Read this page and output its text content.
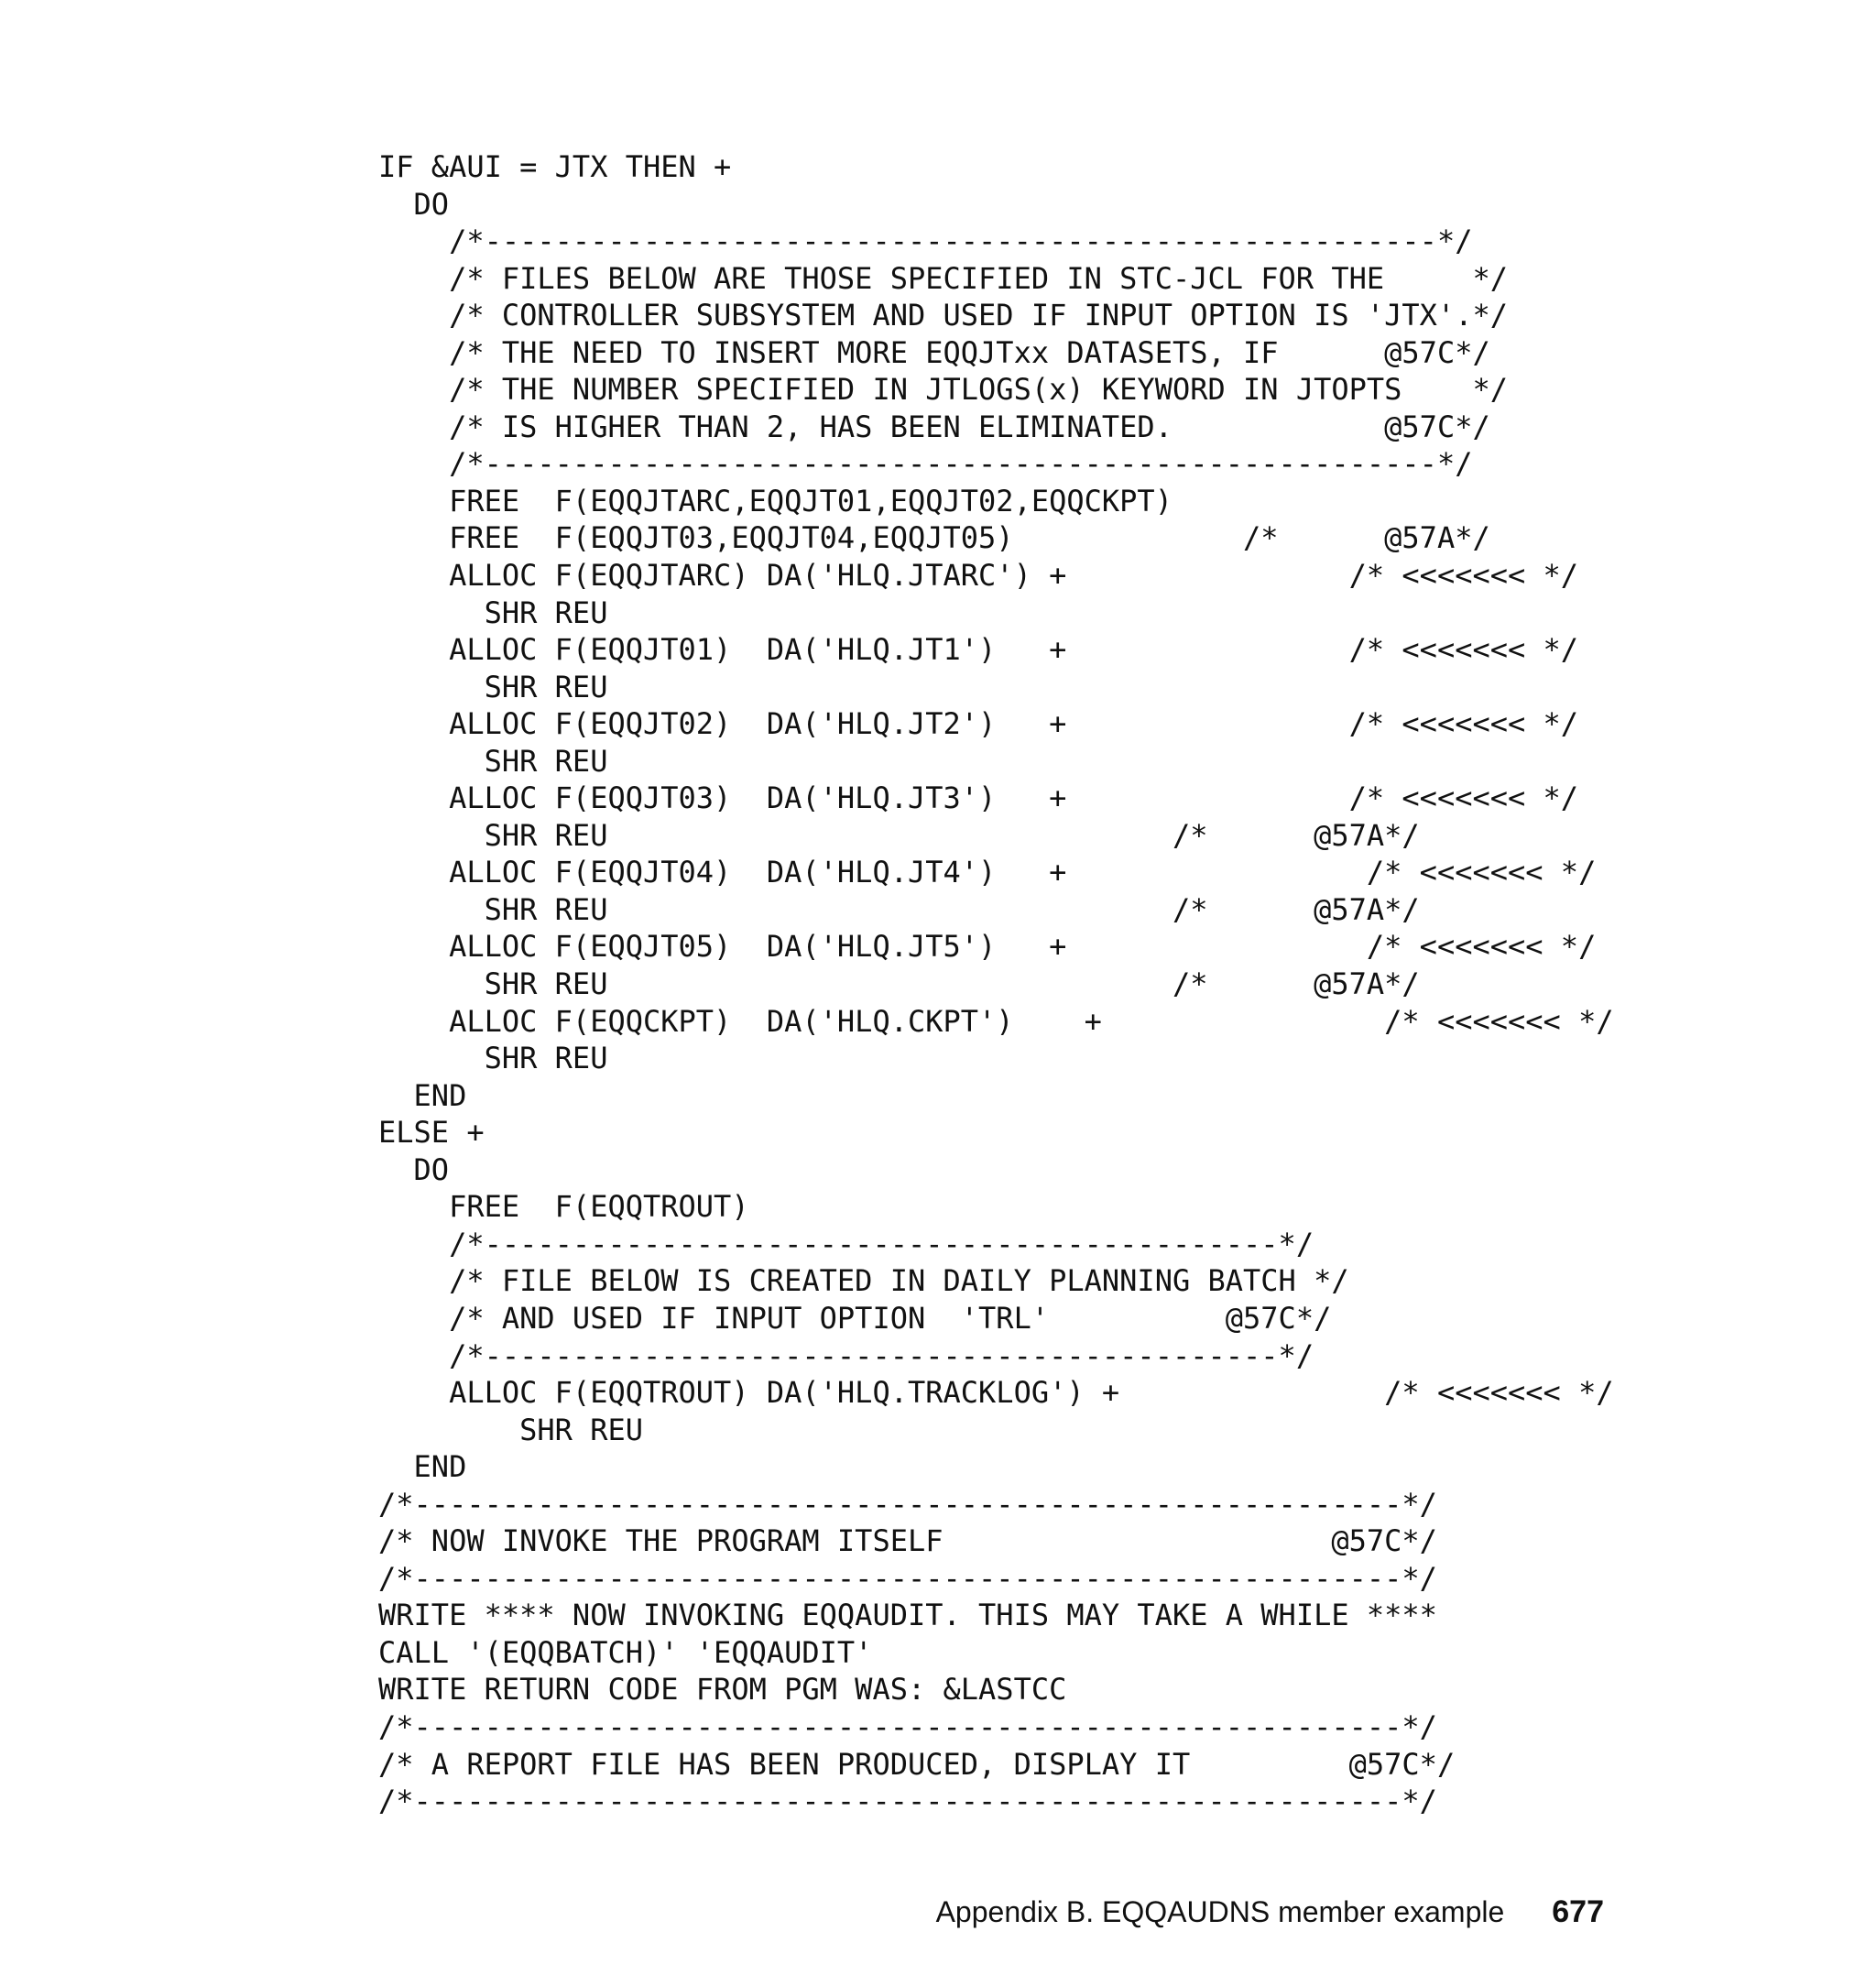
IF &AUI = JTX THEN +
DO
/*------------------------------------------------------*/
/* FILES BELOW ARE THOSE SPECIFIED IN STC-JCL FOR THE     */
/* CONTROLLER SUBSYSTEM AND USED IF INPUT OPTION IS 'JTX'.*/
/* THE NEED TO INSERT MORE EQQJTxx DATASETS, IF      @57C*/
/* THE NUMBER SPECIFIED IN JTLOGS(x) KEYWORD IN JTOPTS    */
/* IS HIGHER THAN 2, HAS BEEN ELIMINATED.            @57C*/
/*------------------------------------------------------*/
FREE  F(EQQJTARC,EQQJT01,EQQJT02,EQQCKPT)
FREE  F(EQQJT03,EQQJT04,EQQJT05)             /*      @57A*/
ALLOC F(EQQJTARC) DA('HLQ.JTARC') +                /* <<<<<<< */
SHR REU
ALLOC F(EQQJT01)  DA('HLQ.JT1')   +                /* <<<<<<< */
SHR REU
ALLOC F(EQQJT02)  DA('HLQ.JT2')   +                /* <<<<<<< */
SHR REU
ALLOC F(EQQJT03)  DA('HLQ.JT3')   +                /* <<<<<<< */
SHR REU                                /*      @57A*/
ALLOC F(EQQJT04)  DA('HLQ.JT4')   +                 /* <<<<<<< */
SHR REU                                /*      @57A*/
ALLOC F(EQQJT05)  DA('HLQ.JT5')   +                 /* <<<<<<< */
SHR REU                                /*      @57A*/
ALLOC F(EQQCKPT)  DA('HLQ.CKPT')    +                /* <<<<<<< */
SHR REU
END
ELSE +
DO
FREE  F(EQQTROUT)
/*---------------------------------------------*/
/* FILE BELOW IS CREATED IN DAILY PLANNING BATCH */
/* AND USED IF INPUT OPTION  'TRL'          @57C*/
/*---------------------------------------------*/
ALLOC F(EQQTROUT) DA('HLQ.TRACKLOG') +               /* <<<<<<< */
SHR REU
END
/*--------------------------------------------------------*/
/* NOW INVOKE THE PROGRAM ITSELF                      @57C*/
/*--------------------------------------------------------*/
WRITE **** NOW INVOKING EQQAUDIT. THIS MAY TAKE A WHILE ****
CALL '(EQQBATCH)' 'EQQAUDIT'
WRITE RETURN CODE FROM PGM WAS: &LASTCC
/*--------------------------------------------------------*/
/* A REPORT FILE HAS BEEN PRODUCED, DISPLAY IT         @57C*/
/*--------------------------------------------------------*/
Appendix B. EQQAUDNS member example 677
